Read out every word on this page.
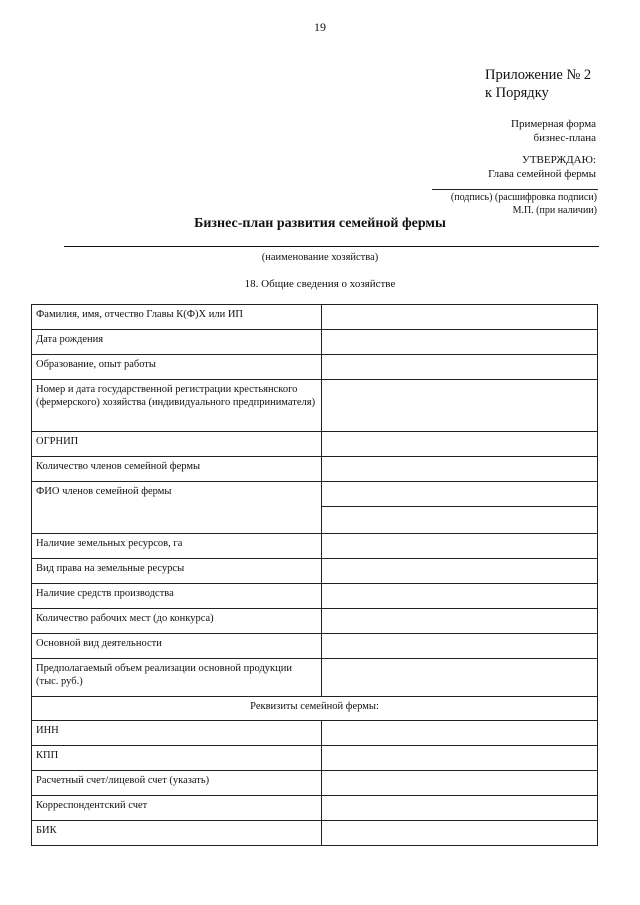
19
Приложение № 2
к Порядку
Примерная форма
бизнес-плана
УТВЕРЖДАЮ:
Глава семейной фермы
(подпись) (расшифровка подписи)
М.П. (при наличии)
Бизнес-план развития семейной фермы
(наименование хозяйства)
18. Общие сведения о хозяйстве
Фамилия, имя, отчество Главы К(Ф)Х или ИП	
Дата рождения	
Образование, опыт работы	
Номер и дата государственной регистрации крестьянского (фермерского) хозяйства (индивидуального предпринимателя)	
ОГРНИП	
Количество членов семейной фермы	
ФИО членов семейной фермы	

Наличие земельных ресурсов, га	
Вид права на земельные ресурсы	
Наличие средств производства	
Количество рабочих мест (до конкурса)	
Основной вид деятельности	
Предполагаемый объем реализации основной продукции (тыс. руб.)	
Реквизиты семейной фермы:	
ИНН	
КПП	
Расчетный счет/лицевой счет (указать)	
Корреспондентский счет	
БИК	
